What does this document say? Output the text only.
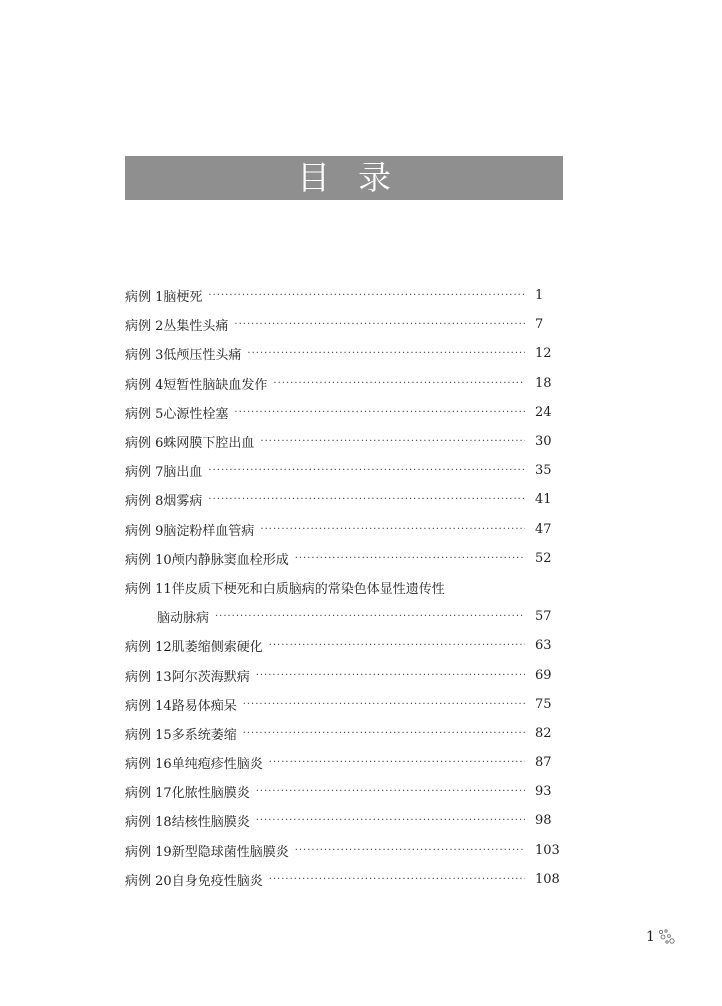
目录
病例 1 脑梗死 ·····	1
病例 2 丛集性头痛 ·····	7
病例 3 低颅压性头痛 ·····	12
病例 4 短暂性脑缺血发作 ·····	18
病例 5 心源性栓塞 ·····	24
病例 6 蛛网膜下腔出血 ·····	30
病例 7 脑出血 ·····	35
病例 8 烟雾病 ·····	41
病例 9 脑淀粉样血管病 ·····	47
病例 10 颅内静脉窦血栓形成 ·····	52
病例 11 伴皮质下梗死和白质脑病的常染色体显性遗传性
脑动脉病 ·····	57
病例 12 肌萎缩侧索硬化 ·····	63
病例 13 阿尔茨海默病 ·····	69
病例 14 路易体痴呆 ·····	75
病例 15 多系统萎缩 ·····	82
病例 16 单纯疱疹性脑炎 ·····	87
病例 17 化脓性脑膜炎 ·····	93
病例 18 结核性脑膜炎 ·····	98
病例 19 新型隐球菌性脑膜炎 ·····	103
病例 20 自身免疫性脑炎 ·····	108
1
